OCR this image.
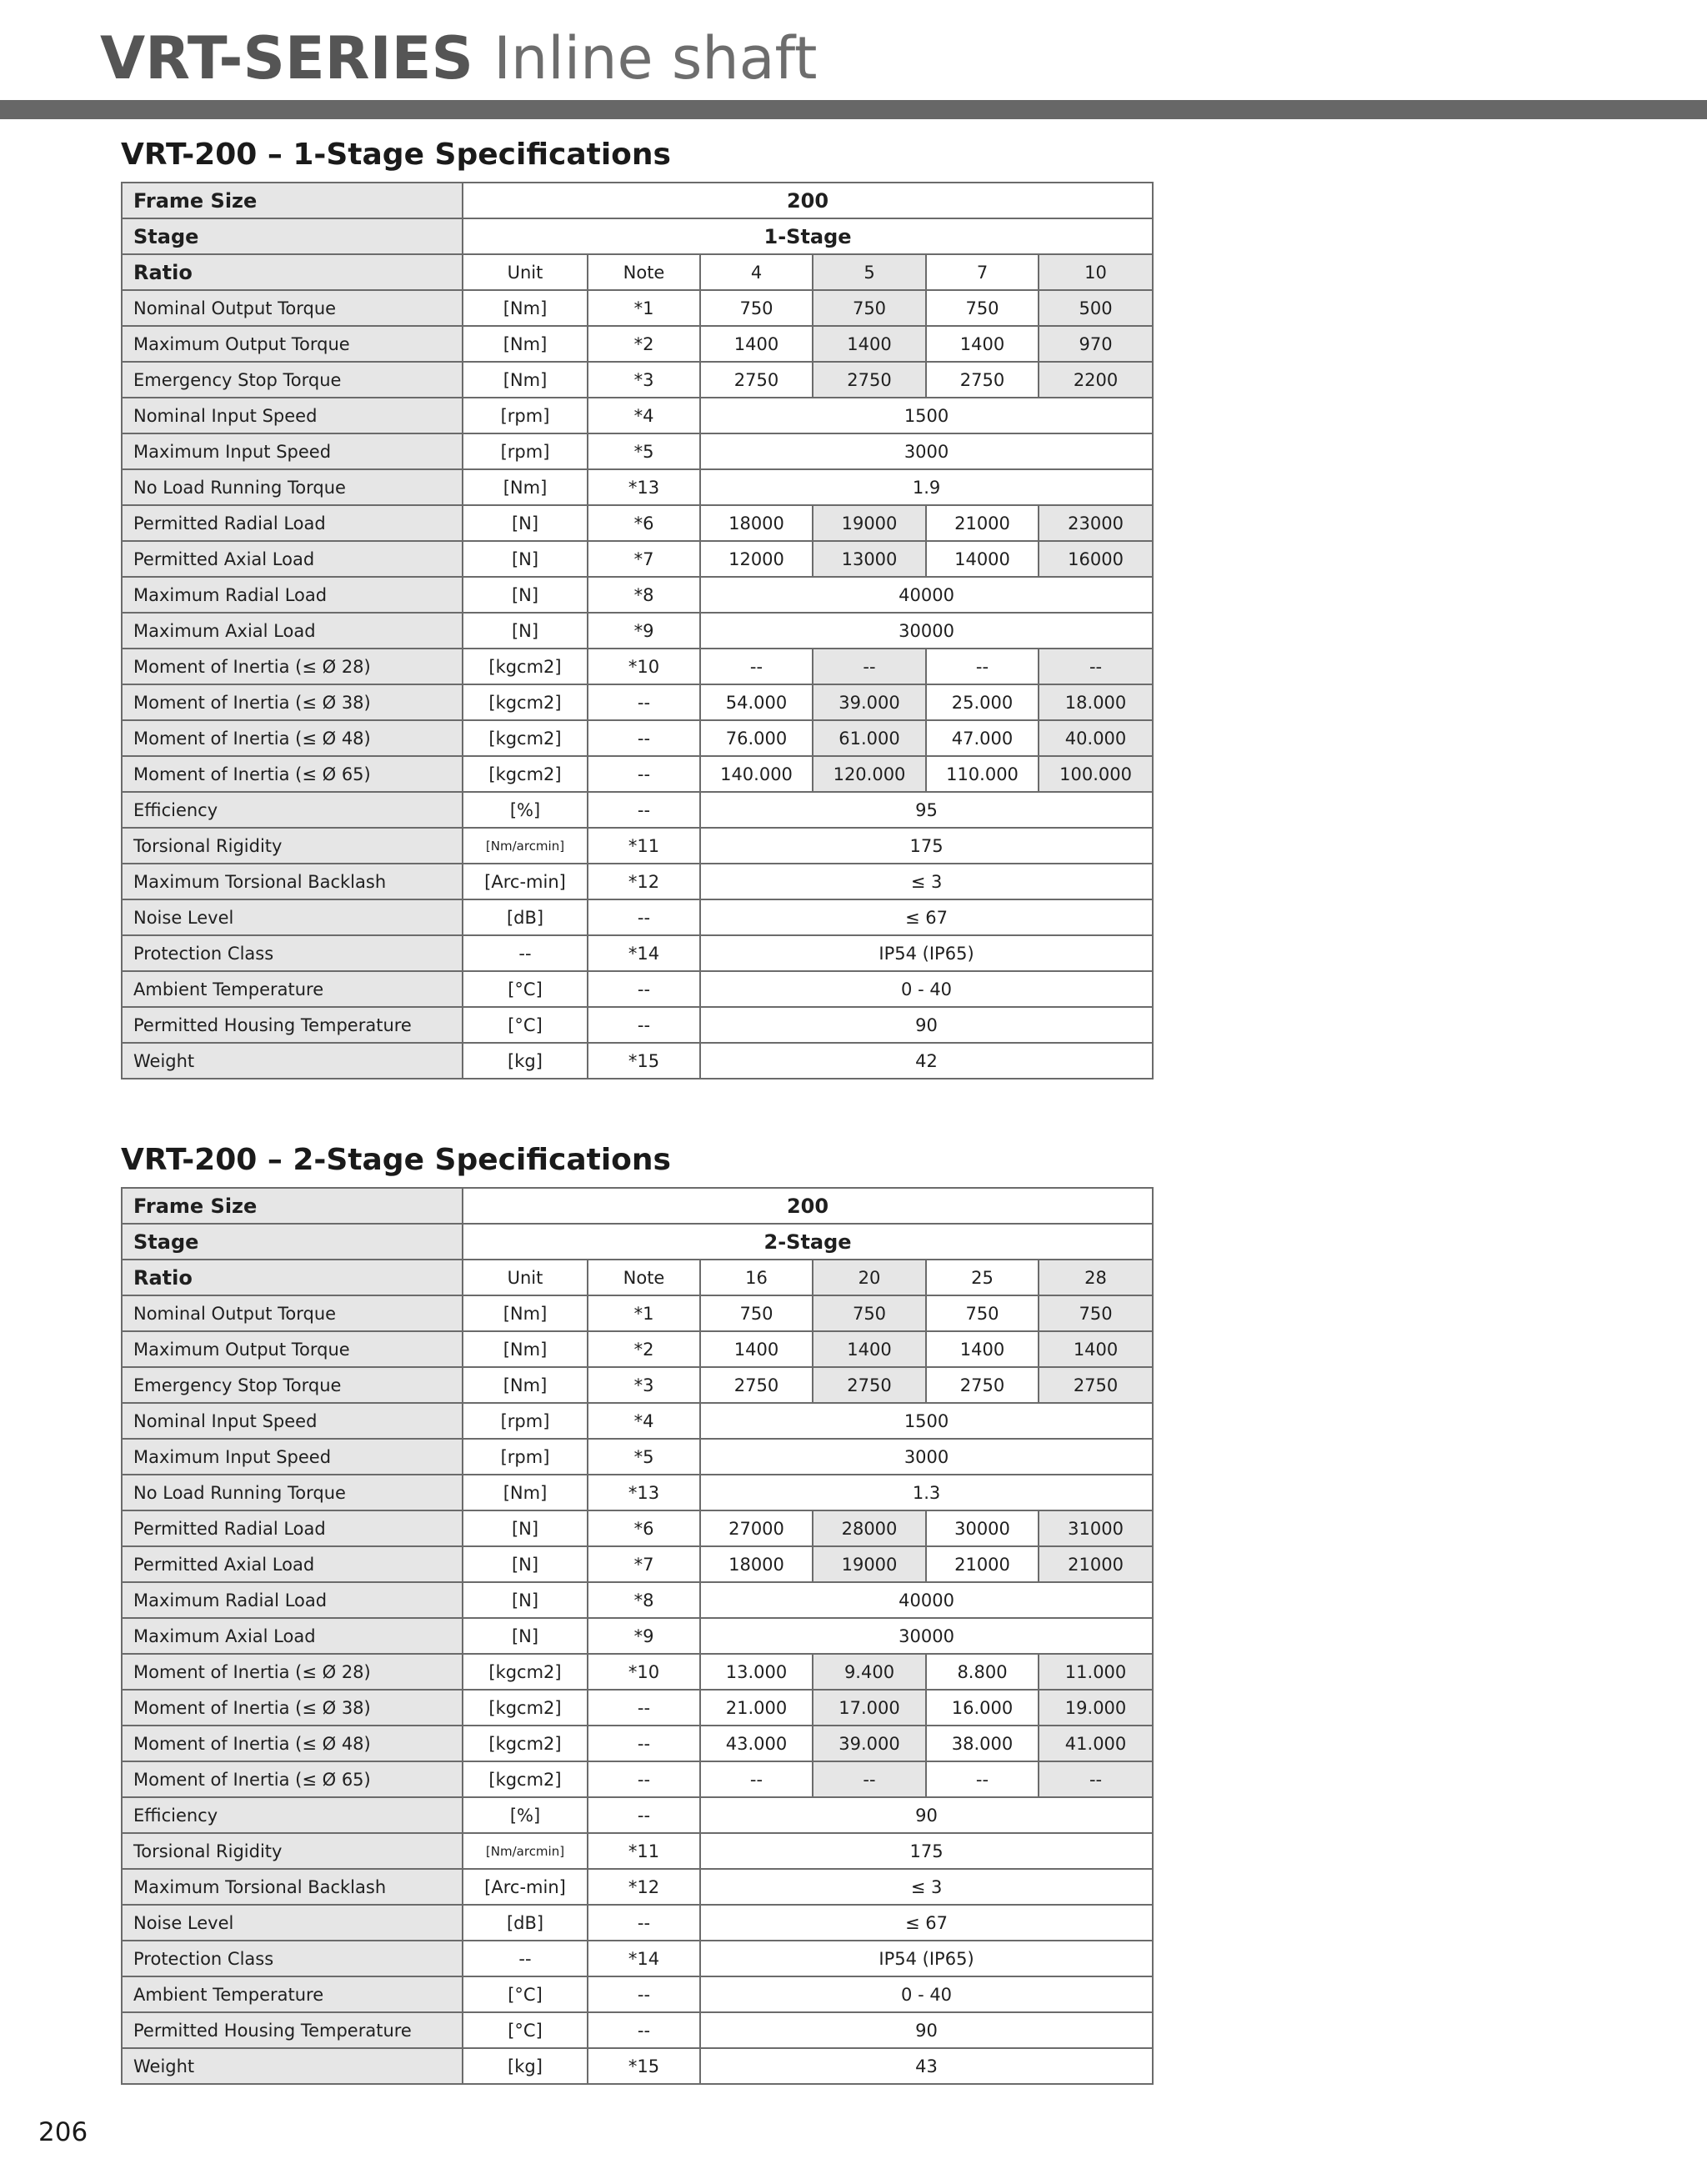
VRT-SERIES Inline shaft
VRT-200 – 1-Stage Specifications
Frame Size	200					
Stage	1-Stage					
Ratio	Unit	Note	4	5	7	10
Nominal Output Torque	[Nm]	*1	750	750	750	500
Maximum Output Torque	[Nm]	*2	1400	1400	1400	970
Emergency Stop Torque	[Nm]	*3	2750	2750	2750	2200
Nominal Input Speed	[rpm]	*4	1500			
Maximum Input Speed	[rpm]	*5	3000			
No Load Running Torque	[Nm]	*13	1.9			
Permitted Radial Load	[N]	*6	18000	19000	21000	23000
Permitted Axial Load	[N]	*7	12000	13000	14000	16000
Maximum Radial Load	[N]	*8	40000			
Maximum Axial Load	[N]	*9	30000			
Moment of Inertia (≤ Ø 28)	[kgcm2]	*10	--	--	--	--
Moment of Inertia (≤ Ø 38)	[kgcm2]	--	54.000	39.000	25.000	18.000
Moment of Inertia (≤ Ø 48)	[kgcm2]	--	76.000	61.000	47.000	40.000
Moment of Inertia (≤ Ø 65)	[kgcm2]	--	140.000	120.000	110.000	100.000
Efficiency	[%]	--	95			
Torsional Rigidity	[Nm/arcmin]	*11	175			
Maximum Torsional Backlash	[Arc-min]	*12	≤ 3			
Noise Level	[dB]	--	≤ 67			
Protection Class	--	*14	IP54 (IP65)			
Ambient Temperature	[°C]	--	0 - 40			
Permitted Housing Temperature	[°C]	--	90			
Weight	[kg]	*15	42			
VRT-200 – 2-Stage Specifications
Frame Size	200					
Stage	2-Stage					
Ratio	Unit	Note	16	20	25	28
Nominal Output Torque	[Nm]	*1	750	750	750	750
Maximum Output Torque	[Nm]	*2	1400	1400	1400	1400
Emergency Stop Torque	[Nm]	*3	2750	2750	2750	2750
Nominal Input Speed	[rpm]	*4	1500			
Maximum Input Speed	[rpm]	*5	3000			
No Load Running Torque	[Nm]	*13	1.3			
Permitted Radial Load	[N]	*6	27000	28000	30000	31000
Permitted Axial Load	[N]	*7	18000	19000	21000	21000
Maximum Radial Load	[N]	*8	40000			
Maximum Axial Load	[N]	*9	30000			
Moment of Inertia (≤ Ø 28)	[kgcm2]	*10	13.000	9.400	8.800	11.000
Moment of Inertia (≤ Ø 38)	[kgcm2]	--	21.000	17.000	16.000	19.000
Moment of Inertia (≤ Ø 48)	[kgcm2]	--	43.000	39.000	38.000	41.000
Moment of Inertia (≤ Ø 65)	[kgcm2]	--	--	--	--	--
Efficiency	[%]	--	90			
Torsional Rigidity	[Nm/arcmin]	*11	175			
Maximum Torsional Backlash	[Arc-min]	*12	≤ 3			
Noise Level	[dB]	--	≤ 67			
Protection Class	--	*14	IP54 (IP65)			
Ambient Temperature	[°C]	--	0 - 40			
Permitted Housing Temperature	[°C]	--	90			
Weight	[kg]	*15	43			
206
